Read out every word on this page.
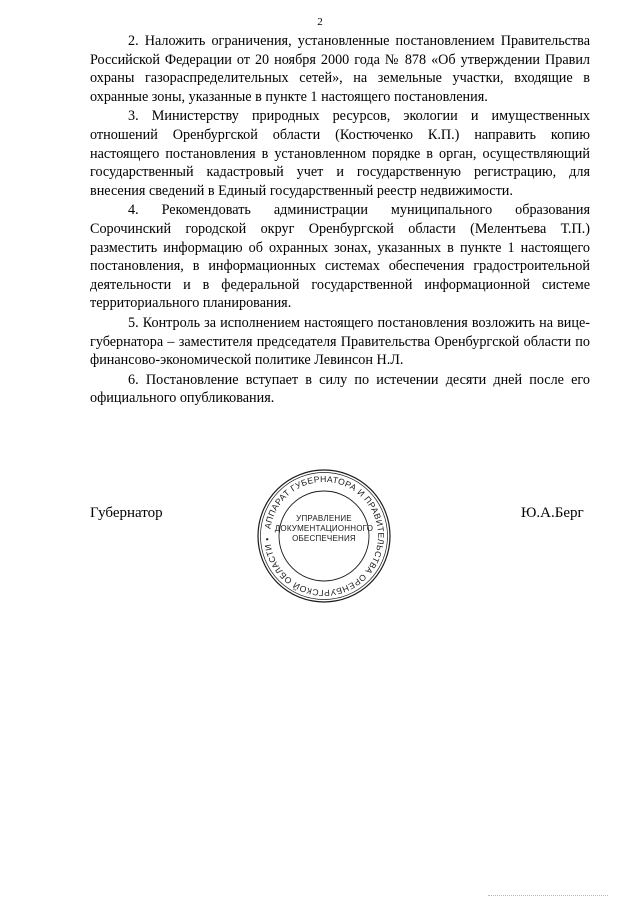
2

2. Наложить ограничения, установленные постановлением Правительства Российской Федерации от 20 ноября 2000 года № 878 «Об утверждении Правил охраны газораспределительных сетей», на земельные участки, входящие в охранные зоны, указанные в пункте 1 настоящего постановления.

3. Министерству природных ресурсов, экологии и имущественных отношений Оренбургской области (Костюченко К.П.) направить копию настоящего постановления в установленном порядке в орган, осуществляющий государственный кадастровый учет и государственную регистрацию, для внесения сведений в Единый государственный реестр недвижимости.

4. Рекомендовать администрации муниципального образования Сорочинский городской округ Оренбургской области (Мелентьева Т.П.) разместить информацию об охранных зонах, указанных в пункте 1 настоящего постановления, в информационных системах обеспечения градостроительной деятельности и в федеральной государственной информационной системе территориального планирования.

5. Контроль за исполнением настоящего постановления возложить на вице-губернатора – заместителя председателя Правительства Оренбургской области по финансово-экономической политике Левинсон Н.Л.

6. Постановление вступает в силу по истечении десяти дней после его официального опубликования.

Губернатор	Ю.А.Берг
АППАРАТ ГУБЕРНАТОРА И ПРАВИТЕЛЬСТВА ОРЕНБУРГСКОЙ ОБЛАСТИ •
УПРАВЛЕНИЕ
ДОКУМЕНТАЦИОННОГО
ОБЕСПЕЧЕНИЯ
